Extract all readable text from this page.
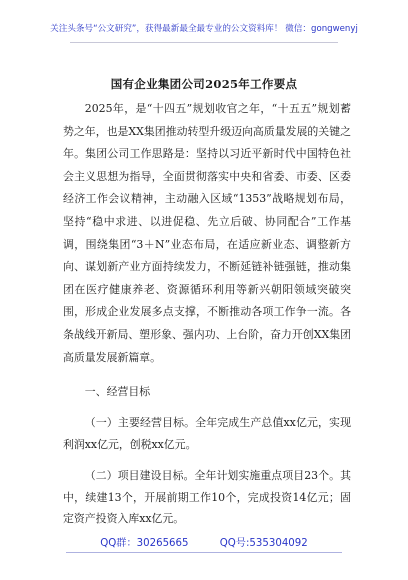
关注头条号“公文研究”，获得最新最全最专业的公文资料库！ 微信：gongwenyj
国有企业集团公司2025年工作要点

2025年，是“十四五”规划收官之年，“十五五”规划蓄势之年，也是XX集团推动转型升级迈向高质量发展的关键之年。集团公司工作思路是：坚持以习近平新时代中国特色社会主义思想为指导，全面贯彻落实中央和省委、市委、区委经济工作会议精神，主动融入区域“1353”战略规划布局，坚持“稳中求进、以进促稳、先立后破、协同配合”工作基调，围绕集团“3＋N”业态布局，在适应新业态、调整新方向、谋划新产业方面持续发力，不断延链补链强链，推动集团在医疗健康养老、资源循环利用等新兴朝阳领域突破突围，形成企业发展多点支撑，不断推动各项工作争一流。各条战线开新局、塑形象、强内功、上台阶，奋力开创XX集团高质量发展新篇章。

一、经营目标

（一）主要经营目标。全年完成生产总值xx亿元，实现利润xx亿元，创税xx亿元。

（二）项目建设目标。全年计划实施重点项目23个。其中，续建13个，开展前期工作10个，完成投资14亿元；固定资产投资入库xx亿元。

QQ群：30265665	QQ号:535304092
